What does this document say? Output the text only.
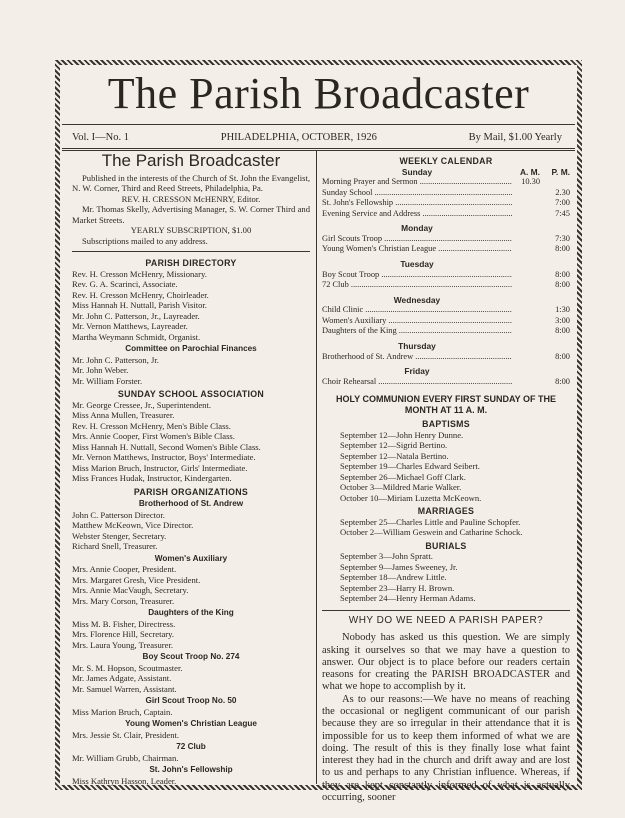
The Parish Broadcaster
Vol. I—No. 1	PHILADELPHIA, OCTOBER, 1926	By Mail, $1.00 Yearly
The Parish Broadcaster
Published in the interests of the Church of St. John the Evangelist, N. W. Corner, Third and Reed Streets, Philadelphia, Pa.
REV. H. CRESSON McHENRY, Editor.
Mr. Thomas Skelly, Advertising Manager, S. W. Corner Third and Market Streets.
YEARLY SUBSCRIPTION, $1.00
Subscriptions mailed to any address.
PARISH DIRECTORY
Rev. H. Cresson McHenry, Missionary.
Rev. G. A. Scarinci, Associate.
Rev. H. Cresson McHenry, Choirleader.
Miss Hannah H. Nuttall, Parish Visitor.
Mr. John C. Patterson, Jr., Layreader.
Mr. Vernon Matthews, Layreader.
Martha Weymann Schmidt, Organist.
Committee on Parochial Finances
Mr. John C. Patterson, Jr.
Mr. John Weber.
Mr. William Forster.
SUNDAY SCHOOL ASSOCIATION
Mr. George Cressee, Jr., Superintendent.
Miss Anna Mullen, Treasurer.
Rev. H. Cresson McHenry, Men's Bible Class.
Mrs. Annie Cooper, First Women's Bible Class.
Miss Hannah H. Nuttall, Second Women's Bible Class.
Mr. Vernon Matthews, Instructor, Boys' Intermediate.
Miss Marion Bruch, Instructor, Girls' Intermediate.
Miss Frances Hudak, Instructor, Kindergarten.
PARISH ORGANIZATIONS
Brotherhood of St. Andrew
John C. Patterson Director.
Matthew McKeown, Vice Director.
Webster Stenger, Secretary.
Richard Snell, Treasurer.
Women's Auxiliary
Mrs. Annie Cooper, President.
Mrs. Margaret Gresh, Vice President.
Mrs. Annie MacVaugh, Secretary.
Mrs. Mary Corson, Treasurer.
Daughters of the King
Miss M. B. Fisher, Directress.
Mrs. Florence Hill, Secretary.
Mrs. Laura Young, Treasurer.
Boy Scout Troop No. 274
Mr. S. M. Hopson, Scoutmaster.
Mr. James Adgate, Assistant.
Mr. Samuel Warren, Assistant.
Girl Scout Troop No. 50
Miss Marion Bruch, Captain.
Young Women's Christian League
Mrs. Jessie St. Clair, President.
72 Club
Mr. William Grubb, Chairman.
St. John's Fellowship
Miss Kathryn Hasson, Leader.
WEEKLY CALENDAR
Sunday	A. M.	P. M.
Morning Prayer and Sermon .....	10.30
Sunday School .....	2.30
St. John's Fellowship .....	7:00
Evening Service and Address .....	7:45
Monday
Girl Scouts Troop .....	7:30
Young Women's Christian League .....	8:00
Tuesday
Boy Scout Troop .....	8:00
72 Club .....	8:00
Wednesday
Child Clinic .....	1:30
Women's Auxiliary .....	3:00
Daughters of the King .....	8:00
Thursday
Brotherhood of St. Andrew .....	8:00
Friday
Choir Rehearsal .....	8:00
HOLY COMMUNION EVERY FIRST SUNDAY OF THE MONTH AT 11 A. M.
BAPTISMS
September 12—John Henry Dunne.
September 12—Sigrid Bertino.
September 12—Natala Bertino.
September 19—Charles Edward Seibert.
September 26—Michael Goff Clark.
October 3—Mildred Marie Walker.
October 10—Miriam Luzetta McKeown.
MARRIAGES
September 25—Charles Little and Pauline Schopfer.
October 2—William Geswein and Catharine Schock.
BURIALS
September 3—John Spratt.
September 9—James Sweeney, Jr.
September 18—Andrew Little.
September 23—Harry H. Brown.
September 24—Henry Herman Adams.
WHY DO WE NEED A PARISH PAPER?
Nobody has asked us this question. We are simply asking it ourselves so that we may have a question to answer. Our object is to place before our readers certain reasons for creating the PARISH BROADCASTER and what we hope to accomplish by it.
As to our reasons:—We have no means of reaching the occasional or negligent communicant of our parish because they are so irregular in their attendance that it is impossible for us to keep them informed of what we are doing. The result of this is they finally lose what faint interest they had in the church and drift away and are lost to us and perhaps to any Christian influence. Whereas, if they are kept constantly informed of what is actually occurring, sooner
